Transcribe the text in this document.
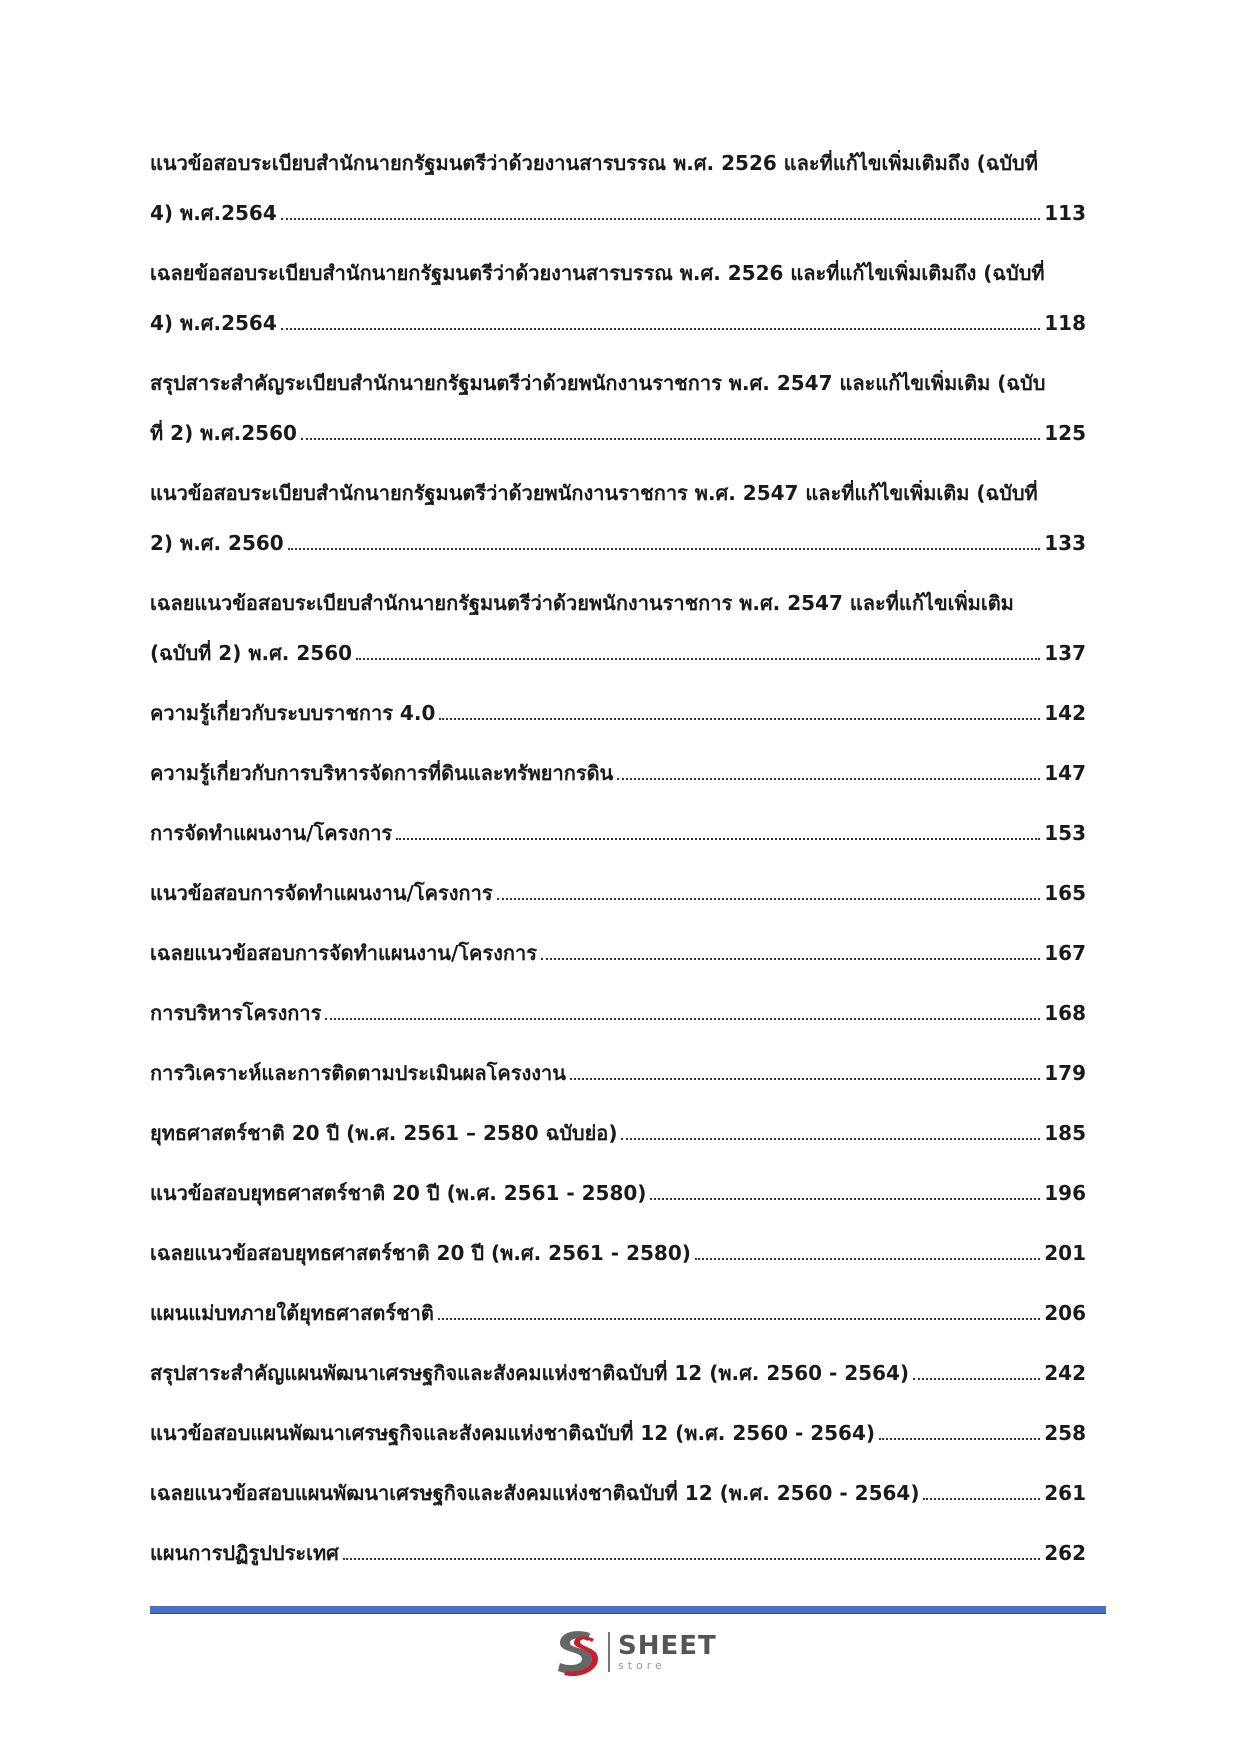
แนวข้อสอบระเบียบสำนักนายกรัฐมนตรีว่าด้วยงานสารบรรณ พ.ศ. 2526 และที่แก้ไขเพิ่มเติมถึง (ฉบับที่
4) พ.ศ.2564	113
เฉลยข้อสอบระเบียบสำนักนายกรัฐมนตรีว่าด้วยงานสารบรรณ พ.ศ. 2526 และที่แก้ไขเพิ่มเติมถึง (ฉบับที่
4) พ.ศ.2564	118
สรุปสาระสำคัญระเบียบสำนักนายกรัฐมนตรีว่าด้วยพนักงานราชการ พ.ศ. 2547 และแก้ไขเพิ่มเติม (ฉบับ
ที่ 2) พ.ศ.2560	125
แนวข้อสอบระเบียบสำนักนายกรัฐมนตรีว่าด้วยพนักงานราชการ พ.ศ. 2547 และที่แก้ไขเพิ่มเติม (ฉบับที่
2) พ.ศ. 2560	133
เฉลยแนวข้อสอบระเบียบสำนักนายกรัฐมนตรีว่าด้วยพนักงานราชการ พ.ศ. 2547 และที่แก้ไขเพิ่มเติม
(ฉบับที่ 2) พ.ศ. 2560	137
ความรู้เกี่ยวกับระบบราชการ 4.0	142
ความรู้เกี่ยวกับการบริหารจัดการที่ดินและทรัพยากรดิน	147
การจัดทำแผนงาน/โครงการ	153
แนวข้อสอบการจัดทำแผนงาน/โครงการ	165
เฉลยแนวข้อสอบการจัดทำแผนงาน/โครงการ	167
การบริหารโครงการ	168
การวิเคราะห์และการติดตามประเมินผลโครงงาน	179
ยุทธศาสตร์ชาติ 20 ปี (พ.ศ. 2561 – 2580 ฉบับย่อ)	185
แนวข้อสอบยุทธศาสตร์ชาติ 20 ปี (พ.ศ. 2561 - 2580)	196
เฉลยแนวข้อสอบยุทธศาสตร์ชาติ 20 ปี (พ.ศ. 2561 - 2580)	201
แผนแม่บทภายใต้ยุทธศาสตร์ชาติ	206
สรุปสาระสำคัญแผนพัฒนาเศรษฐกิจและสังคมแห่งชาติฉบับที่ 12 (พ.ศ. 2560 - 2564)	242
แนวข้อสอบแผนพัฒนาเศรษฐกิจและสังคมแห่งชาติฉบับที่ 12 (พ.ศ. 2560 - 2564)	258
เฉลยแนวข้อสอบแผนพัฒนาเศรษฐกิจและสังคมแห่งชาติฉบับที่ 12 (พ.ศ. 2560 - 2564)	261
แผนการปฏิรูปประเทศ	262
SHEET
store
